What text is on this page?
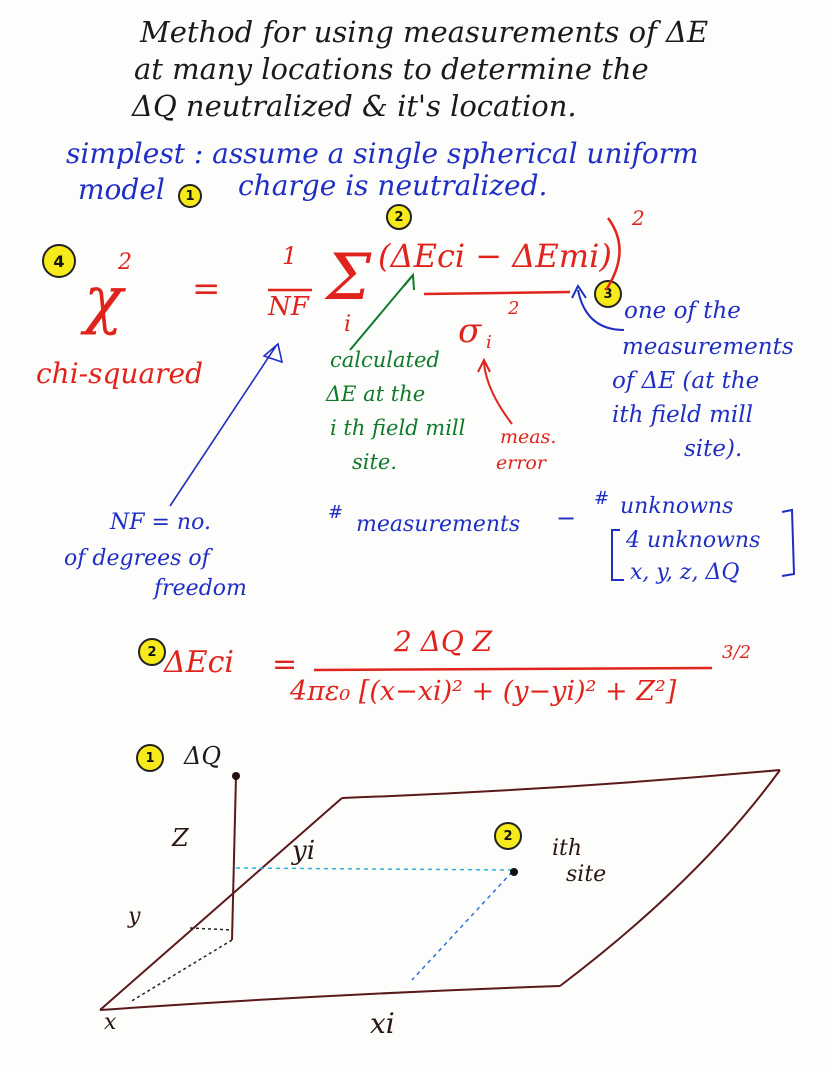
Method for using measurements of ΔE
at many locations to determine the
ΔQ neutralized & it's location.
simplest : assume a single spherical uniform
model	1 charge is neutralized.
4
χ
2
=
1
NF Σ
i
2
(ΔEci − ΔEmi)
2
3
σ i
2
chi-squared	calculated
ΔE at the
i th field mill
site.
meas.
error
one of the
measurements
of ΔE (at the
ith field mill
site).
NF = no.
of degrees of
freedom
# measurements −
# unknowns
4 unknowns
x, y, z, ΔQ
2 ΔEci =
2 ΔQ Z
4πε₀ [(x−xi)² + (y−yi)² + Z²]
3/2
1	ΔQ
Z	yi	2	ith
site
y
x	xi
